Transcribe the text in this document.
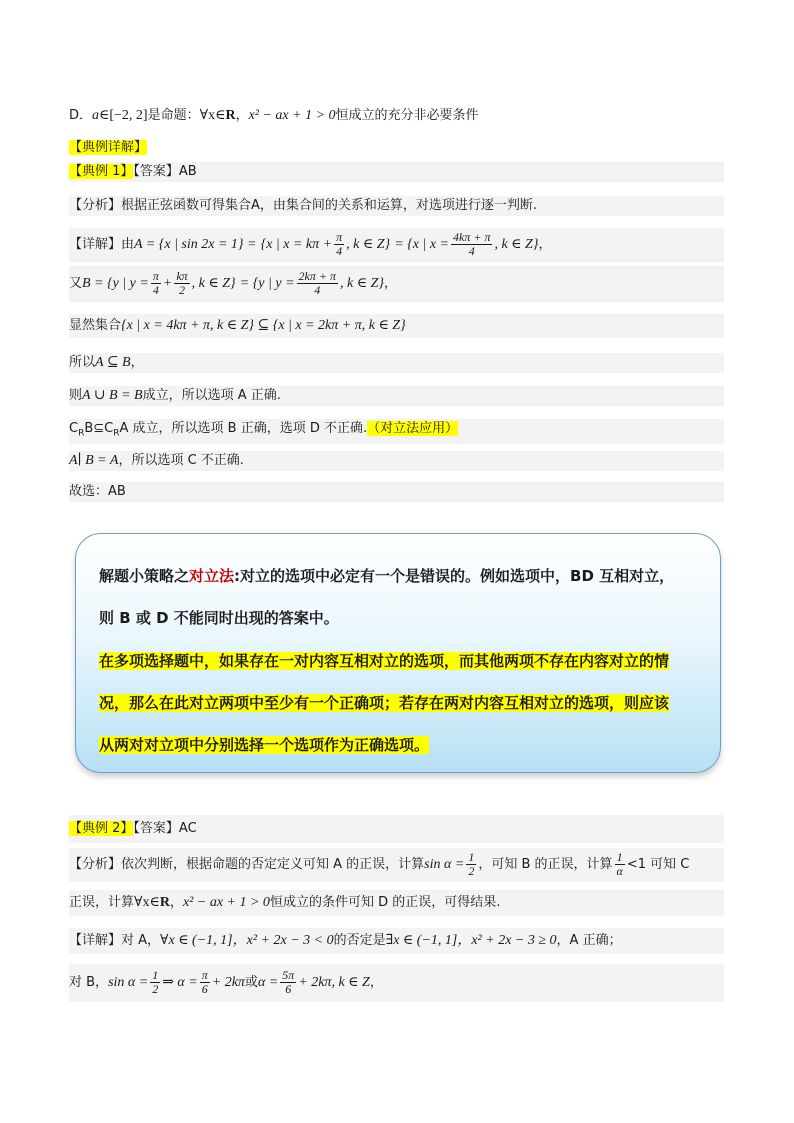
D．a∈[−2, 2]是命题：∀x∈R，x² − ax + 1 > 0恒成立的充分非必要条件
【典例详解】
【典例 1】【答案】AB
【分析】根据正弦函数可得集合A，由集合间的关系和运算，对选项进行逐一判断.
【详解】由A = {x | sin 2x = 1} = {x | $x = k\pi + \frac{\pi}{4}$ , k ∈ Z} = {x | $x = \frac{4k\pi + \pi}{4}$ , k ∈ Z}，
又B = {y | $y = \frac{\pi}{4} + \frac{k\pi}{2}$ , k ∈ Z} = {y | $y = \frac{2k\pi + \pi}{4}$ , k ∈ Z}，
显然集合{x | x = 4kπ + π, k ∈ Z} ⊆ {x | x = 2kπ + π, k ∈ Z}
所以A ⊆ B，
则A ∪ B = B成立，所以选项 A 正确.
$C_RB⊆C_RA$ 成立，所以选项 B 正确，选项 D 不正确.（对立法应用）
A∣ B = A，所以选项 C 不正确.
故选：AB
解题小策略之对立法:对立的选项中必定有一个是错误的。例如选项中，BD 互相对立，
则 B 或 D 不能同时出现的答案中。
在多项选择题中，如果存在一对内容互相对立的选项，而其他两项不存在内容对立的情
况，那么在此对立两项中至少有一个正确项；若存在两对内容互相对立的选项，则应该
从两对对立项中分别选择一个选项作为正确选项。
【典例 2】【答案】AC
【分析】依次判断，根据命题的否定定义可知 A 的正误，计算$\sin \alpha = \frac{1}{2}$ ，可知 B 的正误，计算 $\frac{1}{\alpha} <1$ 可知 C
正误，计算∀x∈R，x² − ax + 1 > 0恒成立的条件可知 D 的正误，可得结果.
【详解】对 A，∀x ∈ (−1, 1]，x² + 2x − 3 < 0的否定是∃x ∈ (−1, 1]，x² + 2x − 3 ≥ 0，A 正确；
对 B，$\sin \alpha = \frac{1}{2}$ ⇒ $\alpha = \frac{\pi}{6} + 2k\pi$或$\alpha = \frac{5\pi}{6} + 2k\pi$, k ∈ Z，
